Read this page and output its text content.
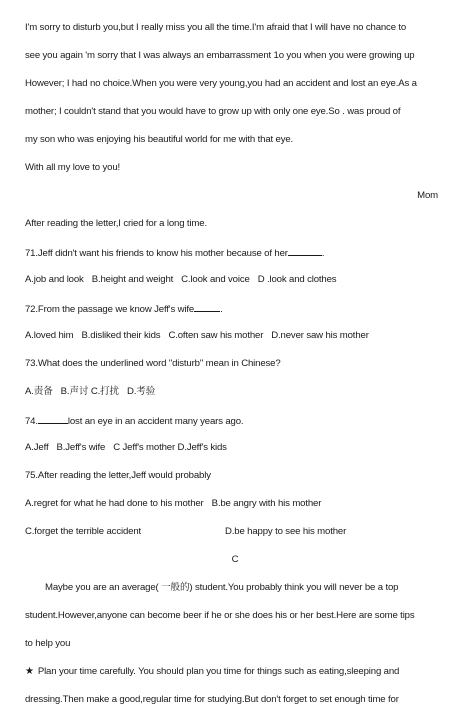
I'm sorry to disturb you,but I really miss you all the time.I'm afraid that I will have no chance to
see you again 'm sorry that I was always an embarrassment 1o you when you were growing up
However; I had no choice.When you were very young,you had an accident and lost an eye.As a
mother; I couldn't stand that you would have to grow up with only one eye.So . was proud of
my son who was enjoying his beautiful world for me with that eye.
With all my love to you!
Mom
After reading the letter,I cried for a long time.
71.Jeff didn't want his friends to know his mother because of her	.
A.job and look B.height and weight C.look and voice D .look and clothes
72.From the passage we know Jeff's wife	.
A.loved him B.disliked their kids C.often saw his mother D.never saw his mother
73.What does the underlined word "disturb" mean in Chinese?
A.责备 B.声讨 C.打扰 D.考验
74.	lost an eye in an accident many years ago.
A.Jeff B.Jeff's wife C Jeff's mother D.Jeff's kids
75.After reading the letter,Jeff would probably
A.regret for what he had done to his mother B.be angry with his mother
C.forget the terrible accident	D.be happy to see his mother
C
Maybe you are an average( 一般的) student.You probably think you will never be a top
student.However,anyone can become beer if he or she does his or her best.Here are some tips
to help you
★ Plan your time carefully. You should plan you time for things such as eating,sleeping and
dressing.Then make a good,regular time for studying.But don't forget to set enough time for
